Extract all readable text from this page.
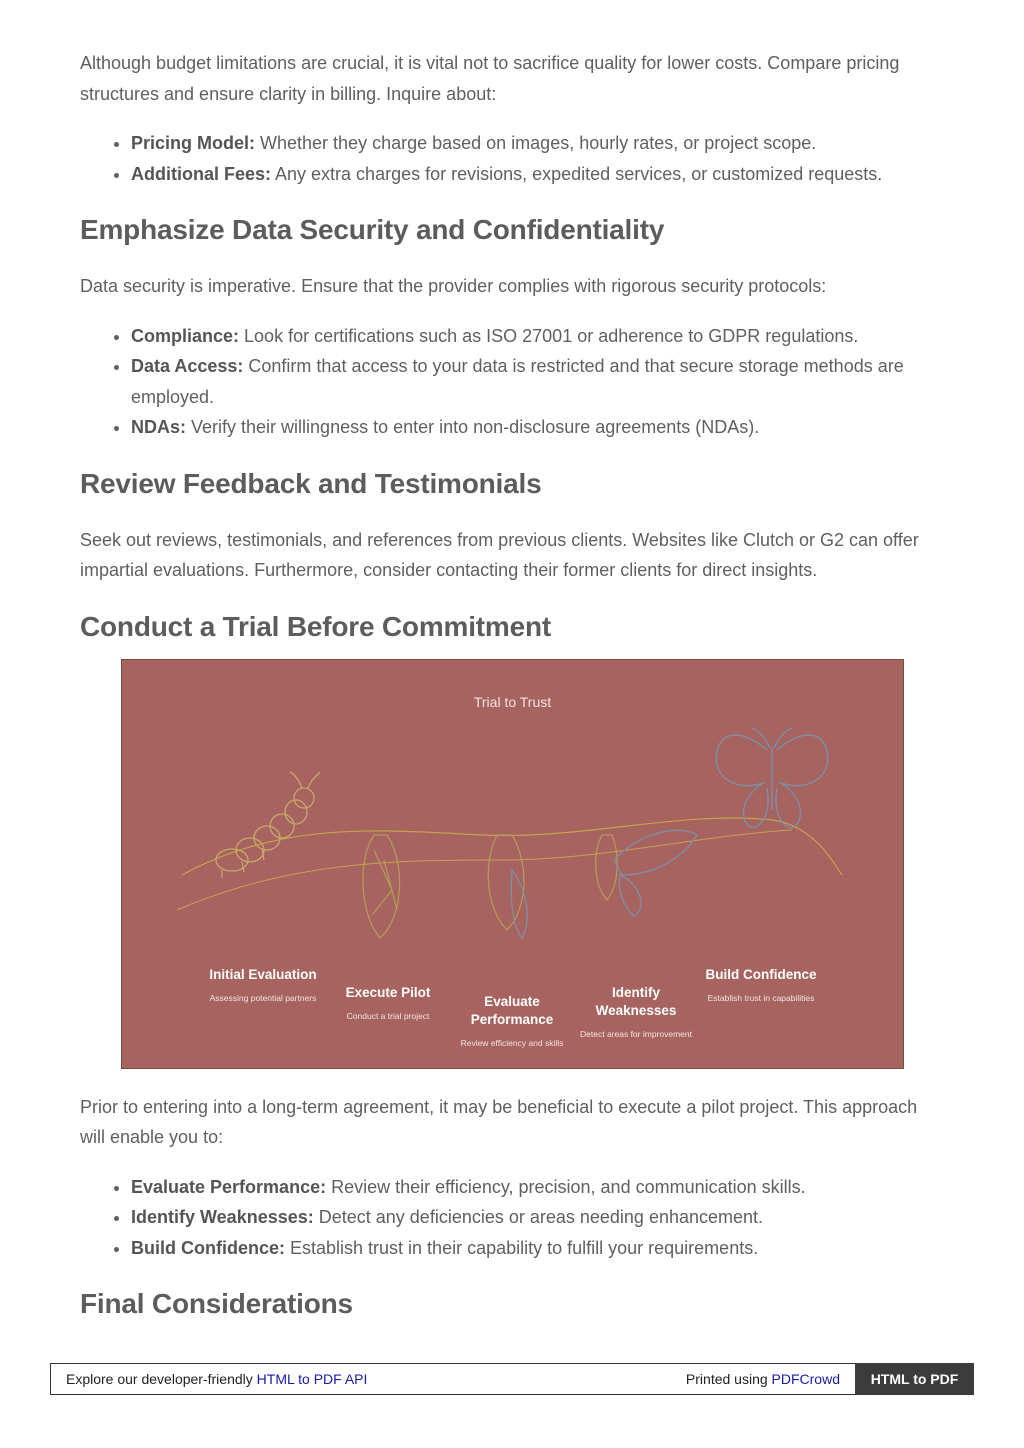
Although budget limitations are crucial, it is vital not to sacrifice quality for lower costs. Compare pricing structures and ensure clarity in billing. Inquire about:

• Pricing Model: Whether they charge based on images, hourly rates, or project scope.
• Additional Fees: Any extra charges for revisions, expedited services, or customized requests.
Emphasize Data Security and Confidentiality

Data security is imperative. Ensure that the provider complies with rigorous security protocols:

• Compliance: Look for certifications such as ISO 27001 or adherence to GDPR regulations.
• Data Access: Confirm that access to your data is restricted and that secure storage methods are employed.
• NDAs: Verify their willingness to enter into non-disclosure agreements (NDAs).
Review Feedback and Testimonials

Seek out reviews, testimonials, and references from previous clients. Websites like Clutch or G2 can offer impartial evaluations. Furthermore, consider contacting their former clients for direct insights.

Conduct a Trial Before Commitment

Prior to entering into a long-term agreement, it may be beneficial to execute a pilot project. This approach will enable you to:

• Evaluate Performance: Review their efficiency, precision, and communication skills.
• Identify Weaknesses: Detect any deficiencies or areas needing enhancement.
• Build Confidence: Establish trust in their capability to fulfill your requirements.
Final Considerations
Trial to Trust
Initial Evaluation
Assessing potential partners	Execute Pilot
Conduct a trial project
Evaluate Performance
Review efficiency and skills
Identify Weaknesses
Detect areas for improvement
Build Confidence
Establish trust in capabilities
Explore our developer-friendly HTML to PDF API	Printed using PDFCrowd	HTML to PDF
